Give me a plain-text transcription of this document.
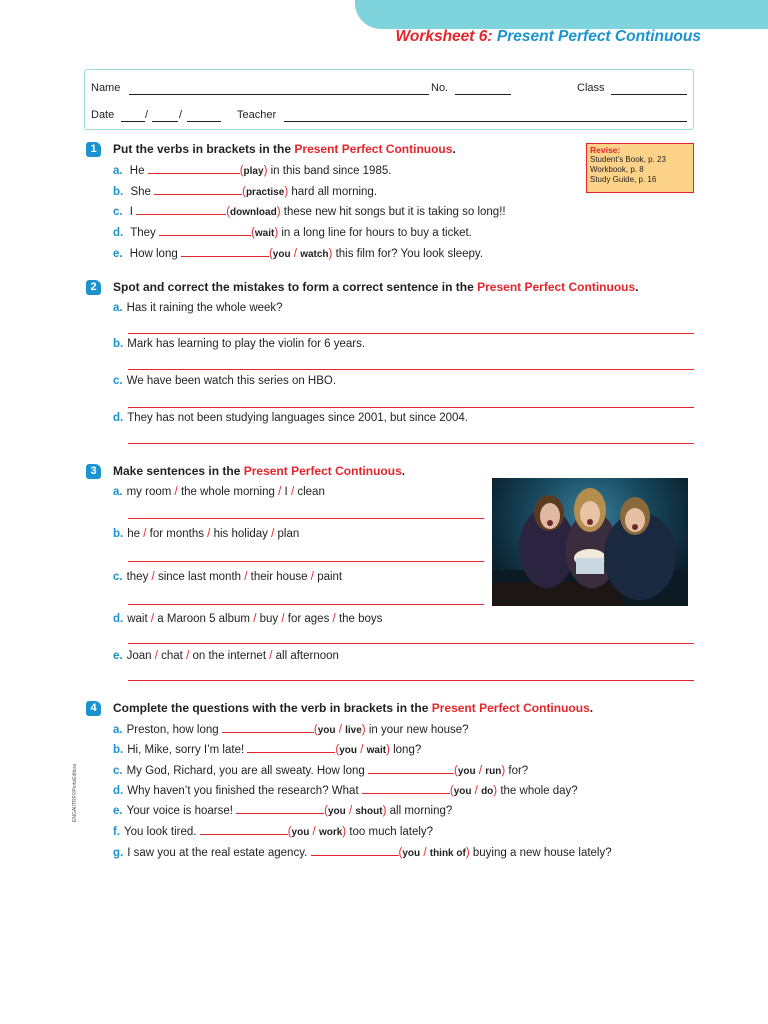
Worksheet 6: Present Perfect Continuous
Name	No.	Class
Date	/	/	Teacher
Revise:
Student’s Book, p. 23
Workbook, p. 8
Study Guide, p. 16
1	Put the verbs in brackets in the Present Perfect Continuous.
a. He	(play) in this band since 1985.
b. She	(practise) hard all morning.
c. I	(download) these new hit songs but it is taking so long!!
d. They	(wait) in a long line for hours to buy a ticket.
e. How long	(you / watch) this film for? You look sleepy.
2	Spot and correct the mistakes to form a correct sentence in the Present Perfect Continuous.
a. Has it raining the whole week?
b. Mark has learning to play the violin for 6 years.
c. We have been watch this series on HBO.
d. They has not been studying languages since 2001, but since 2004.
3	Make sentences in the Present Perfect Continuous.
a. my room / the whole morning / I / clean
b. he / for months / his holiday / plan
c. they / since last month / their house / paint
d. wait / a Maroon 5 album / buy / for ages / the boys
e. Joan / chat / on the internet / all afternoon
4	Complete the questions with the verb in brackets in the Present Perfect Continuous.
a. Preston, how long	(you / live) in your new house?
b. Hi, Mike, sorry I’m late!	(you / wait) long?
c. My God, Richard, you are all sweaty. How long	(you / run) for?
d. Why haven’t you finished the research? What	(you / do) the whole day?
e. Your voice is hoarse!	(you / shout) all morning?
f. You look tired.	(you / work) too much lately?
g. I saw you at the real estate agency.	(you / think of) buying a new house lately?
ENGAIITRF©PortoEditora
